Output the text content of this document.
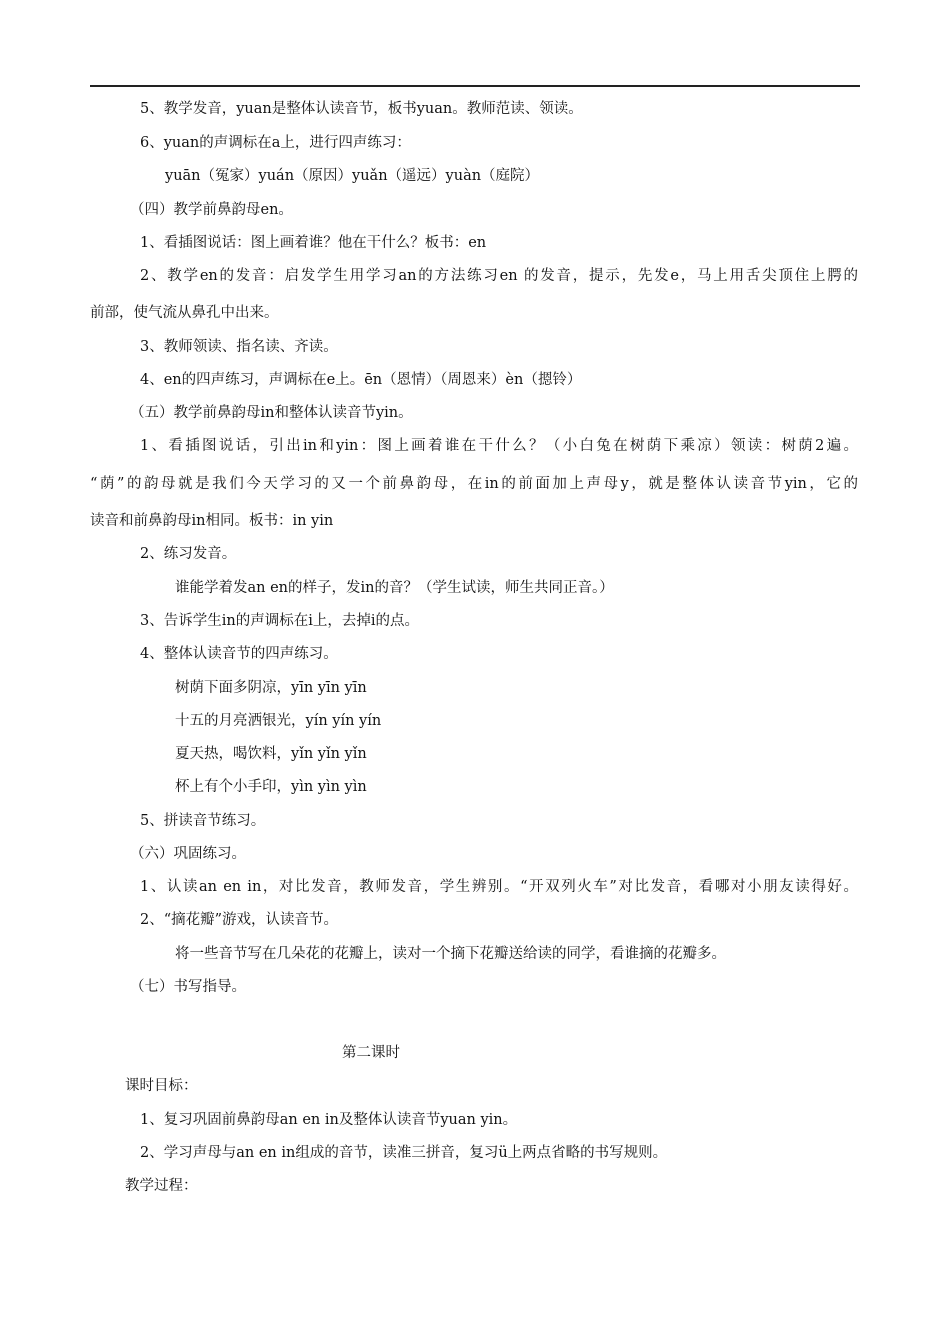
5、教学发音，yuan是整体认读音节，板书yuan。教师范读、领读。
6、yuan的声调标在a上，进行四声练习：
yuān（冤家）yuán（原因）yuǎn（遥远）yuàn（庭院）
（四）教学前鼻韵母en。
1、看插图说话：图上画着谁？他在干什么？板书：en
2、教学en的发音：启发学生用学习an的方法练习en 的发音，提示，先发e，马上用舌尖顶住上腭的
前部，使气流从鼻孔中出来。
3、教师领读、指名读、齐读。
4、en的四声练习，声调标在e上。ēn（恩情）（周恩来）èn（摁铃）
（五）教学前鼻韵母in和整体认读音节yin。
1、看插图说话，引出in和yin：图上画着谁在干什么？（小白兔在树荫下乘凉）领读：树荫2遍。
“荫”的韵母就是我们今天学习的又一个前鼻韵母，在in的前面加上声母y，就是整体认读音节yin，它的
读音和前鼻韵母in相同。板书：in yin
2、练习发音。
谁能学着发an en的样子，发in的音？（学生试读，师生共同正音。）
3、告诉学生in的声调标在i上，去掉i的点。
4、整体认读音节的四声练习。
树荫下面多阴凉，yīn yīn yīn
十五的月亮洒银光，yín yín yín
夏天热，喝饮料，yǐn yǐn yǐn
杯上有个小手印，yìn yìn yìn
5、拼读音节练习。
（六）巩固练习。
1、认读an en in，对比发音，教师发音，学生辨别。“开双列火车”对比发音，看哪对小朋友读得好。
2、“摘花瓣”游戏，认读音节。
将一些音节写在几朵花的花瓣上，读对一个摘下花瓣送给读的同学，看谁摘的花瓣多。
（七）书写指导。
第二课时
课时目标：
1、复习巩固前鼻韵母an en in及整体认读音节yuan yin。
2、学习声母与an en in组成的音节，读准三拼音，复习ü上两点省略的书写规则。
教学过程：
